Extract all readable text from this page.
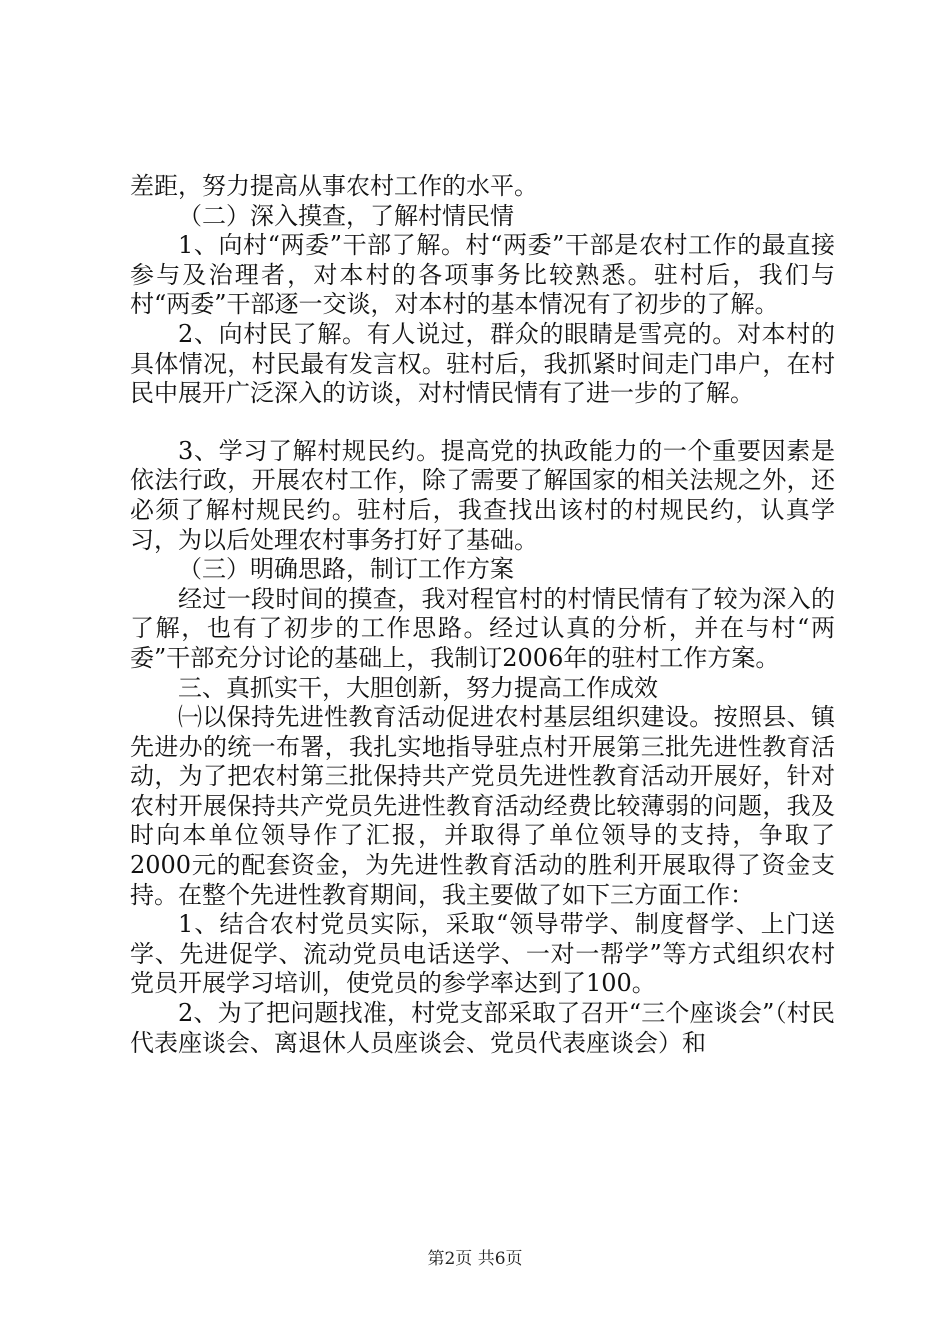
差距，努力提高从事农村工作的水平。

（二）深入摸查，了解村情民情

1、向村“两委”干部了解。村“两委”干部是农村工作的最直接参与及治理者，对本村的各项事务比较熟悉。驻村后，我们与村“两委”干部逐一交谈，对本村的基本情况有了初步的了解。

2、向村民了解。有人说过，群众的眼睛是雪亮的。对本村的具体情况，村民最有发言权。驻村后，我抓紧时间走门串户，在村民中展开广泛深入的访谈，对村情民情有了进一步的了解。

3、学习了解村规民约。提高党的执政能力的一个重要因素是依法行政，开展农村工作，除了需要了解国家的相关法规之外，还必须了解村规民约。驻村后，我查找出该村的村规民约，认真学习，为以后处理农村事务打好了基础。

（三）明确思路，制订工作方案

经过一段时间的摸查，我对程官村的村情民情有了较为深入的了解，也有了初步的工作思路。经过认真的分析，并在与村“两委”干部充分讨论的基础上，我制订2006年的驻村工作方案。

三、真抓实干，大胆创新，努力提高工作成效

㈠以保持先进性教育活动促进农村基层组织建设。按照县、镇先进办的统一布署，我扎实地指导驻点村开展第三批先进性教育活动，为了把农村第三批保持共产党员先进性教育活动开展好，针对农村开展保持共产党员先进性教育活动经费比较薄弱的问题，我及时向本单位领导作了汇报，并取得了单位领导的支持，争取了2000元的配套资金，为先进性教育活动的胜利开展取得了资金支持。在整个先进性教育期间，我主要做了如下三方面工作：

1、结合农村党员实际，采取“领导带学、制度督学、上门送学、先进促学、流动党员电话送学、一对一帮学”等方式组织农村党员开展学习培训，使党员的参学率达到了100。

2、为了把问题找准，村党支部采取了召开“三个座谈会”（村民代表座谈会、离退休人员座谈会、党员代表座谈会）和

第2页 共6页
